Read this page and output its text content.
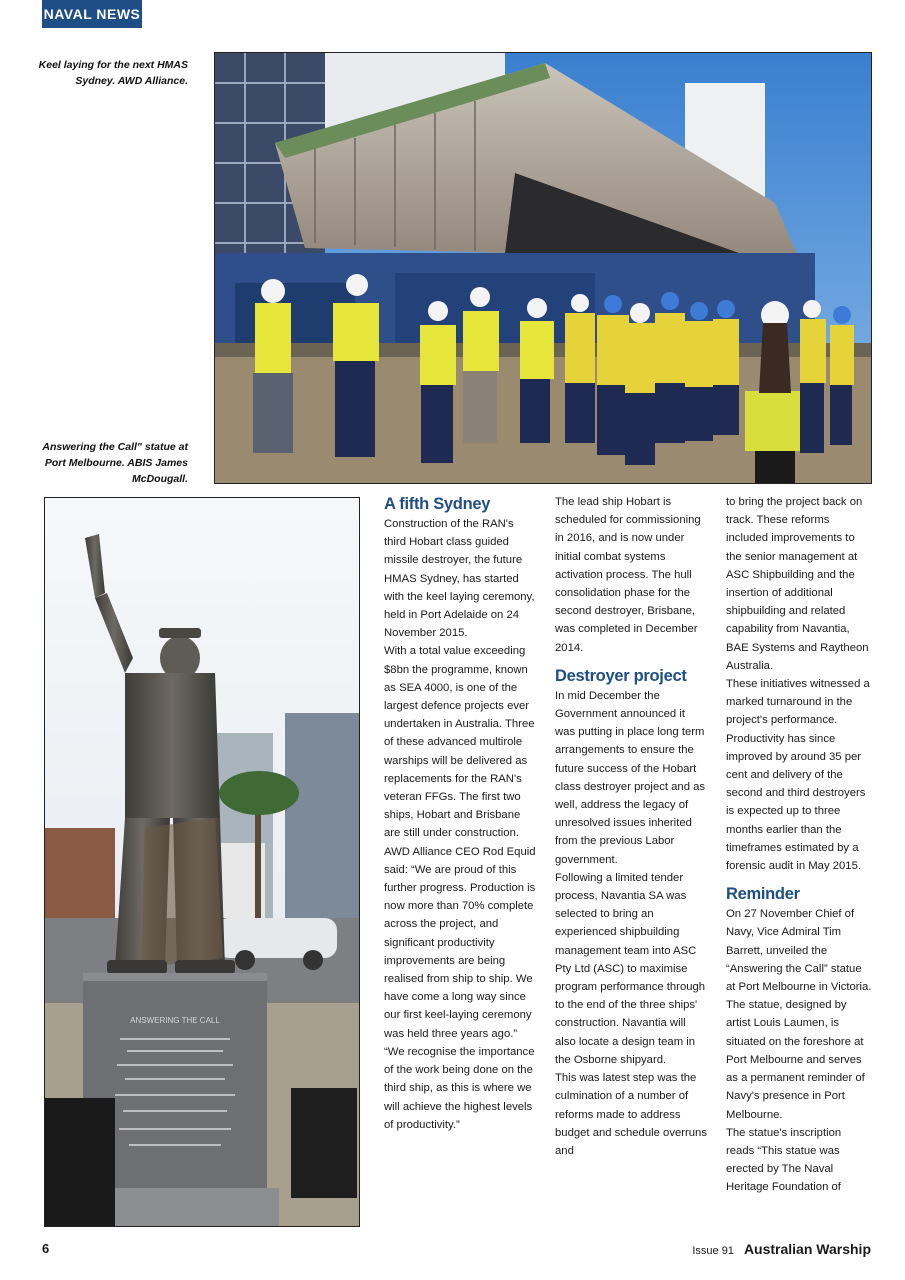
NAVAL NEWS
Keel laying for the next HMAS Sydney. AWD Alliance.
Answering the Call" statue at Port Melbourne. ABIS James McDougall.
ANSWERING THE CALL
A fifth Sydney

Construction of the RAN's third Hobart class guided missile destroyer, the future HMAS Sydney, has started with the keel laying ceremony, held in Port Adelaide on 24 November 2015.

With a total value exceeding $8bn the programme, known as SEA 4000, is one of the largest defence projects ever undertaken in Australia. Three of these advanced multirole warships will be delivered as replacements for the RAN's veteran FFGs. The first two ships, Hobart and Brisbane are still under construction.

AWD Alliance CEO Rod Equid said: “We are proud of this further progress. Production is now more than 70% complete across the project, and significant productivity improvements are being realised from ship to ship. We have come a long way since our first keel-laying ceremony was held three years ago.”

“We recognise the importance of the work being done on the third ship, as this is where we will achieve the highest levels of productivity.”

The lead ship Hobart is scheduled for commissioning in 2016, and is now under initial combat systems activation process. The hull consolidation phase for the second destroyer, Brisbane, was completed in December 2014.

Destroyer project

In mid December the Government announced it was putting in place long term arrangements to ensure the future success of the Hobart class destroyer project and as well, address the legacy of unresolved issues inherited from the previous Labor government.

Following a limited tender process, Navantia SA was selected to bring an experienced shipbuilding management team into ASC Pty Ltd (ASC) to maximise program performance through to the end of the three ships' construction. Navantia will also locate a design team in the Osborne shipyard.

This was latest step was the culmination of a number of reforms made to address budget and schedule overruns and

to bring the project back on track. These reforms included improvements to the senior management at ASC Shipbuilding and the insertion of additional shipbuilding and related capability from Navantia, BAE Systems and Raytheon Australia.

These initiatives witnessed a marked turnaround in the project's performance. Productivity has since improved by around 35 per cent and delivery of the second and third destroyers is expected up to three months earlier than the timeframes estimated by a forensic audit in May 2015.

Reminder

On 27 November Chief of Navy, Vice Admiral Tim Barrett, unveiled the “Answering the Call” statue at Port Melbourne in Victoria. The statue, designed by artist Louis Laumen, is situated on the foreshore at Port Melbourne and serves as a permanent reminder of Navy's presence in Port Melbourne.

The statue's inscription reads “This statue was erected by The Naval Heritage Foundation of

6	Issue 91 Australian Warship
